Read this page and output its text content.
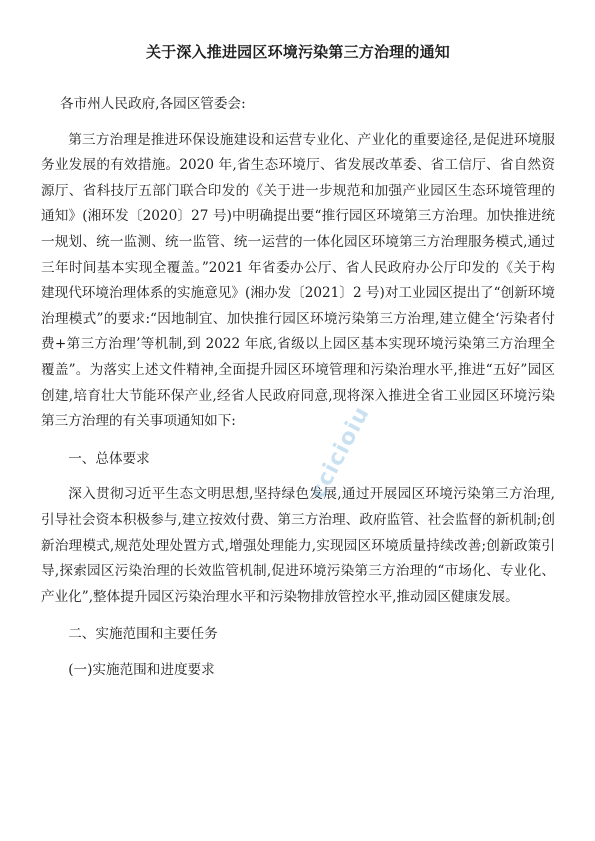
关于深入推进园区环境污染第三方治理的通知

各市州人民政府,各园区管委会:

第三方治理是推进环保设施建设和运营专业化、产业化的重要途径,是促进环境服务业发展的有效措施。2020 年,省生态环境厅、省发展改革委、省工信厅、省自然资源厅、省科技厅五部门联合印发的《关于进一步规范和加强产业园区生态环境管理的通知》(湘环发〔2020〕27 号)中明确提出要“推行园区环境第三方治理。加快推进统一规划、统一监测、统一监管、统一运营的一体化园区环境第三方治理服务模式,通过三年时间基本实现全覆盖。”2021 年省委办公厅、省人民政府办公厅印发的《关于构建现代环境治理体系的实施意见》(湘办发〔2021〕2 号)对工业园区提出了“创新环境治理模式”的要求:“因地制宜、加快推行园区环境污染第三方治理,建立健全‘污染者付费+第三方治理’等机制,到 2022 年底,省级以上园区基本实现环境污染第三方治理全覆盖”。为落实上述文件精神,全面提升园区环境管理和污染治理水平,推进“五好”园区创建,培育壮大节能环保产业,经省人民政府同意,现将深入推进全省工业园区环境污染第三方治理的有关事项通知如下:

一、总体要求

深入贯彻习近平生态文明思想,坚持绿色发展,通过开展园区环境污染第三方治理,引导社会资本积极参与,建立按效付费、第三方治理、政府监管、社会监督的新机制;创新治理模式,规范处理处置方式,增强处理能力,实现园区环境质量持续改善;创新政策引导,探索园区污染治理的长效监管机制,促进环境污染第三方治理的“市场化、专业化、产业化”,整体提升园区污染治理水平和污染物排放管控水平,推动园区健康发展。

二、实施范围和主要任务

(一)实施范围和进度要求

ccicioiu
